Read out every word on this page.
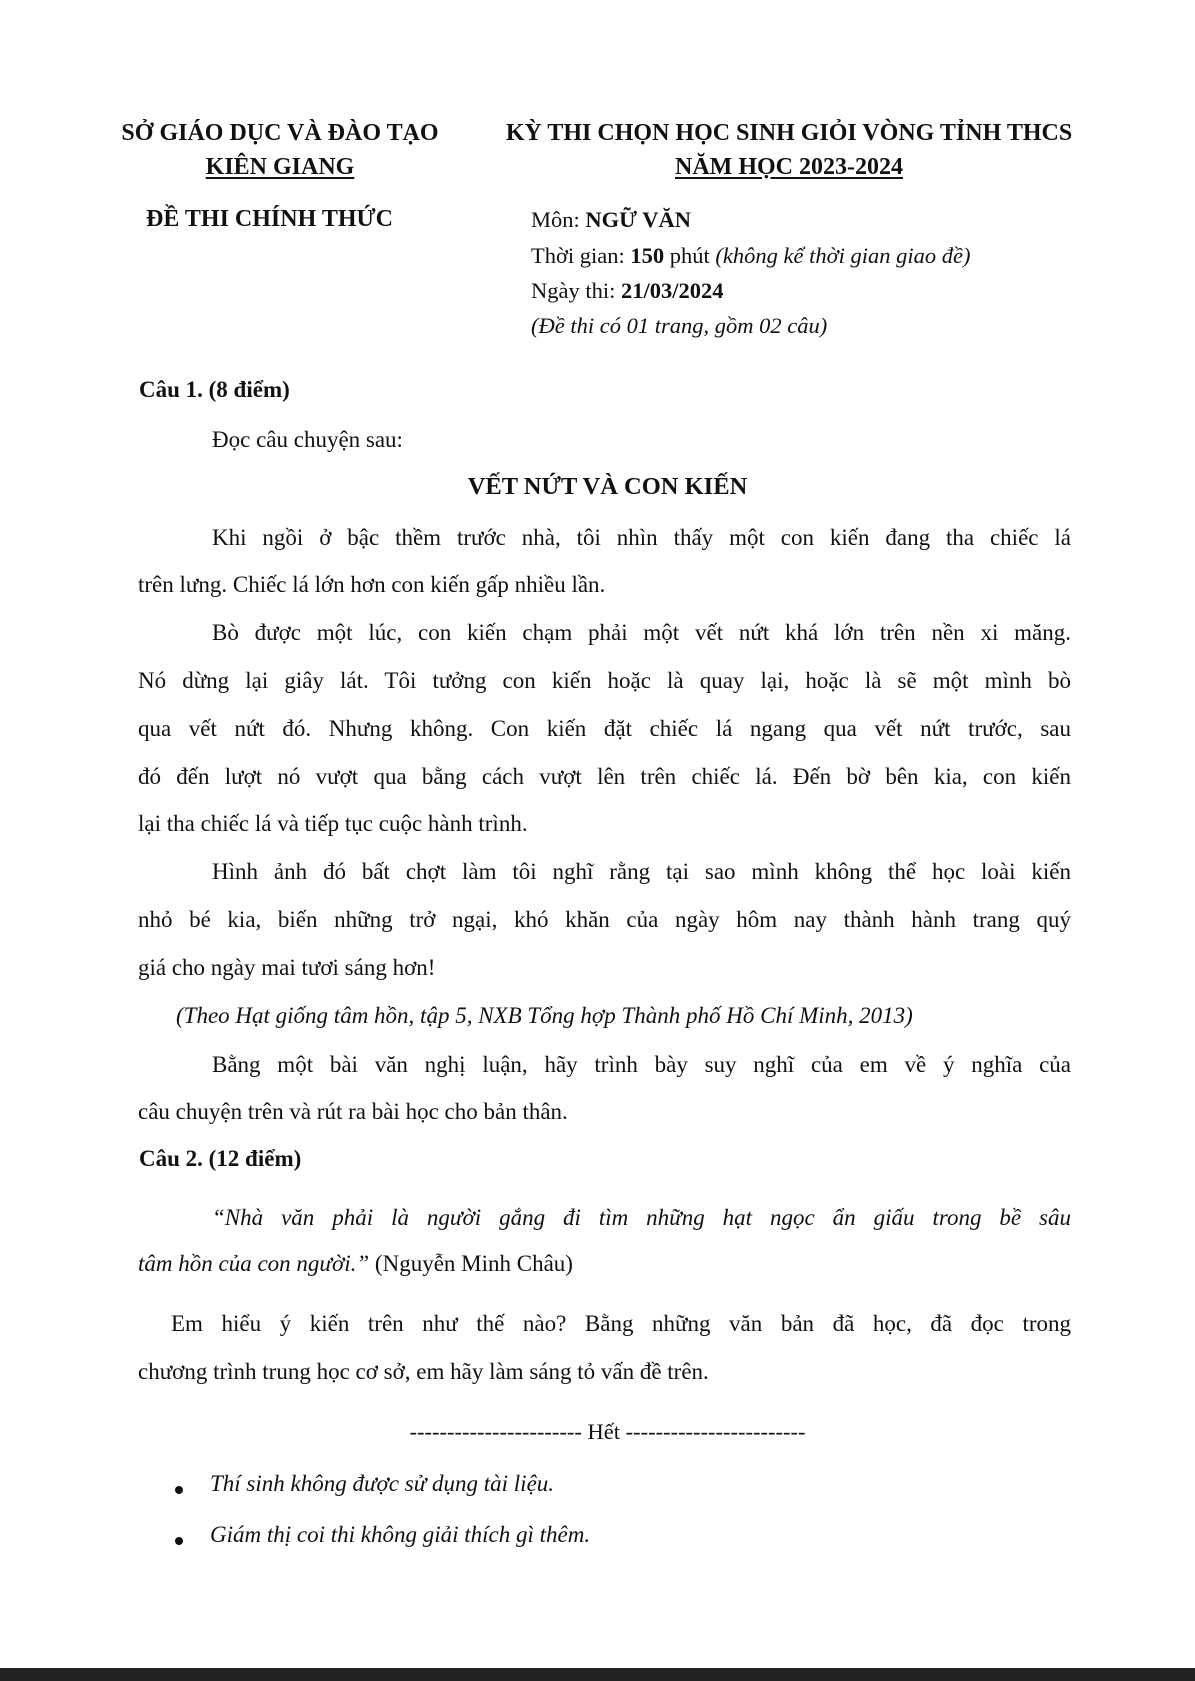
SỞ GIÁO DỤC VÀ ĐÀO TẠO
KIÊN GIANG
KỲ THI CHỌN HỌC SINH GIỎI VÒNG TỈNH THCS
NĂM HỌC 2023-2024
ĐỀ THI CHÍNH THỨC	Môn: NGỮ VĂN
Thời gian: 150 phút (không kể thời gian giao đề)
Ngày thi: 21/03/2024
(Đề thi có 01 trang, gồm 02 câu)
Câu 1. (8 điểm)
Đọc câu chuyện sau:
VẾT NỨT VÀ CON KIẾN
Khi ngồi ở bậc thềm trước nhà, tôi nhìn thấy một con kiến đang tha chiếc lá
trên lưng. Chiếc lá lớn hơn con kiến gấp nhiều lần.
Bò được một lúc, con kiến chạm phải một vết nứt khá lớn trên nền xi măng.
Nó dừng lại giây lát. Tôi tưởng con kiến hoặc là quay lại, hoặc là sẽ một mình bò
qua vết nứt đó. Nhưng không. Con kiến đặt chiếc lá ngang qua vết nứt trước, sau
đó đến lượt nó vượt qua bằng cách vượt lên trên chiếc lá. Đến bờ bên kia, con kiến
lại tha chiếc lá và tiếp tục cuộc hành trình.
Hình ảnh đó bất chợt làm tôi nghĩ rằng tại sao mình không thể học loài kiến
nhỏ bé kia, biến những trở ngại, khó khăn của ngày hôm nay thành hành trang quý
giá cho ngày mai tươi sáng hơn!
(Theo Hạt giống tâm hồn, tập 5, NXB Tổng hợp Thành phố Hồ Chí Minh, 2013)
Bằng một bài văn nghị luận, hãy trình bày suy nghĩ của em về ý nghĩa của
câu chuyện trên và rút ra bài học cho bản thân.
Câu 2. (12 điểm)
“Nhà văn phải là người gắng đi tìm những hạt ngọc ẩn giấu trong bề sâu
tâm hồn của con người.” (Nguyễn Minh Châu)
Em hiểu ý kiến trên như thế nào? Bằng những văn bản đã học, đã đọc trong
chương trình trung học cơ sở, em hãy làm sáng tỏ vấn đề trên.
----------------------- Hết ------------------------
Thí sinh không được sử dụng tài liệu.
Giám thị coi thi không giải thích gì thêm.
